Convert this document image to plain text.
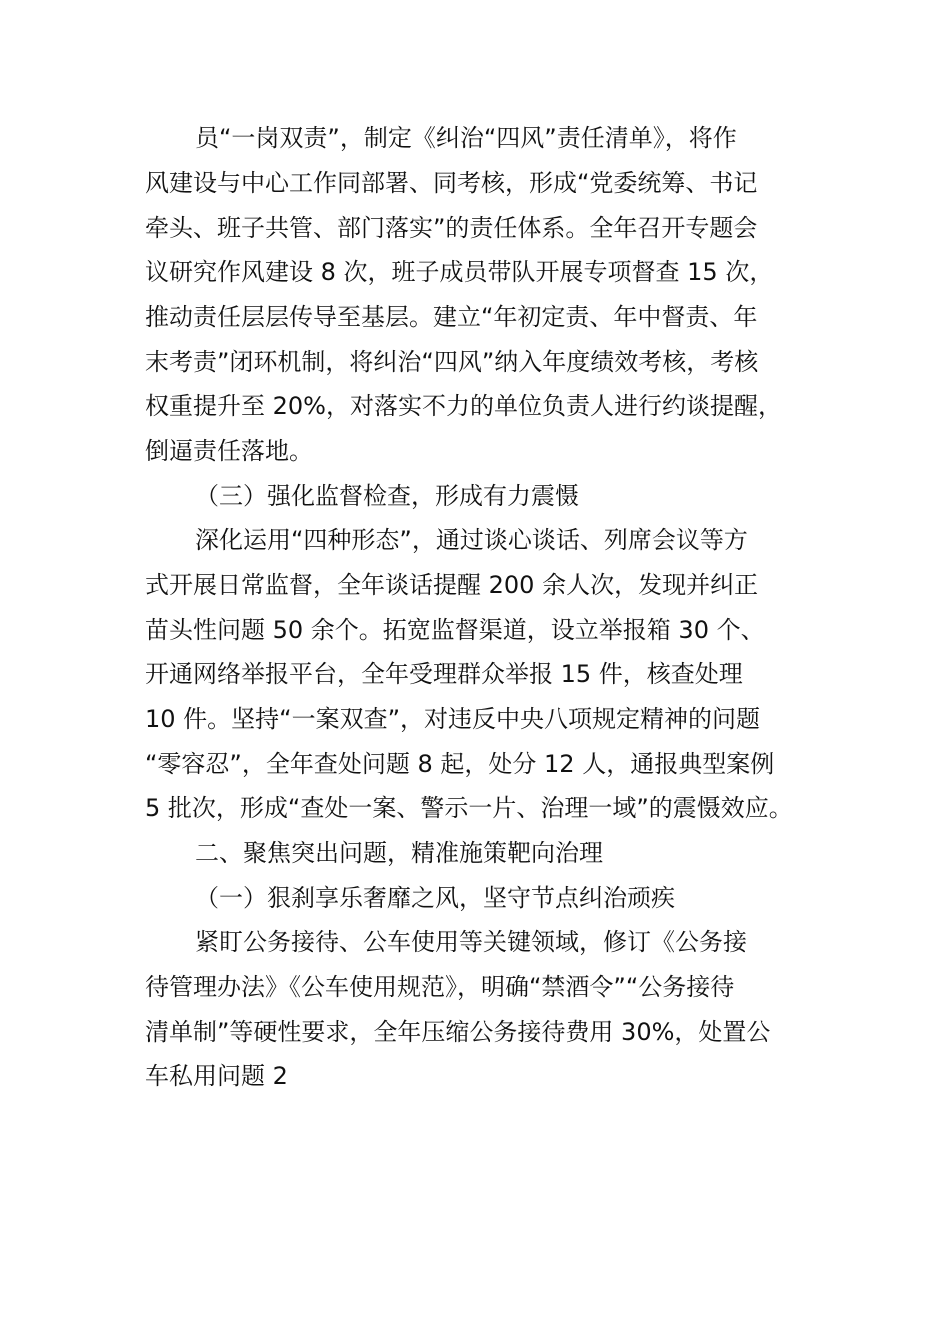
员“一岗双责”，制定《纠治“四风”责任清单》，将作
风建设与中心工作同部署、同考核，形成“党委统筹、书记
牵头、班子共管、部门落实”的责任体系。全年召开专题会
议研究作风建设 8 次，班子成员带队开展专项督查 15 次，
推动责任层层传导至基层。建立“年初定责、年中督责、年
末考责”闭环机制，将纠治“四风”纳入年度绩效考核，考核
权重提升至 20%，对落实不力的单位负责人进行约谈提醒，
倒逼责任落地。
（三）强化监督检查，形成有力震慑
深化运用“四种形态”，通过谈心谈话、列席会议等方
式开展日常监督，全年谈话提醒 200 余人次，发现并纠正
苗头性问题 50 余个。拓宽监督渠道，设立举报箱 30 个、
开通网络举报平台，全年受理群众举报 15 件，核查处理
10 件。坚持“一案双查”，对违反中央八项规定精神的问题
“零容忍”，全年查处问题 8 起，处分 12 人，通报典型案例
5 批次，形成“查处一案、警示一片、治理一域”的震慑效应。
二、聚焦突出问题，精准施策靶向治理
（一）狠刹享乐奢靡之风，坚守节点纠治顽疾
紧盯公务接待、公车使用等关键领域，修订《公务接
待管理办法》《公车使用规范》，明确“禁酒令”“公务接待
清单制”等硬性要求，全年压缩公务接待费用 30%，处置公
车私用问题 2
